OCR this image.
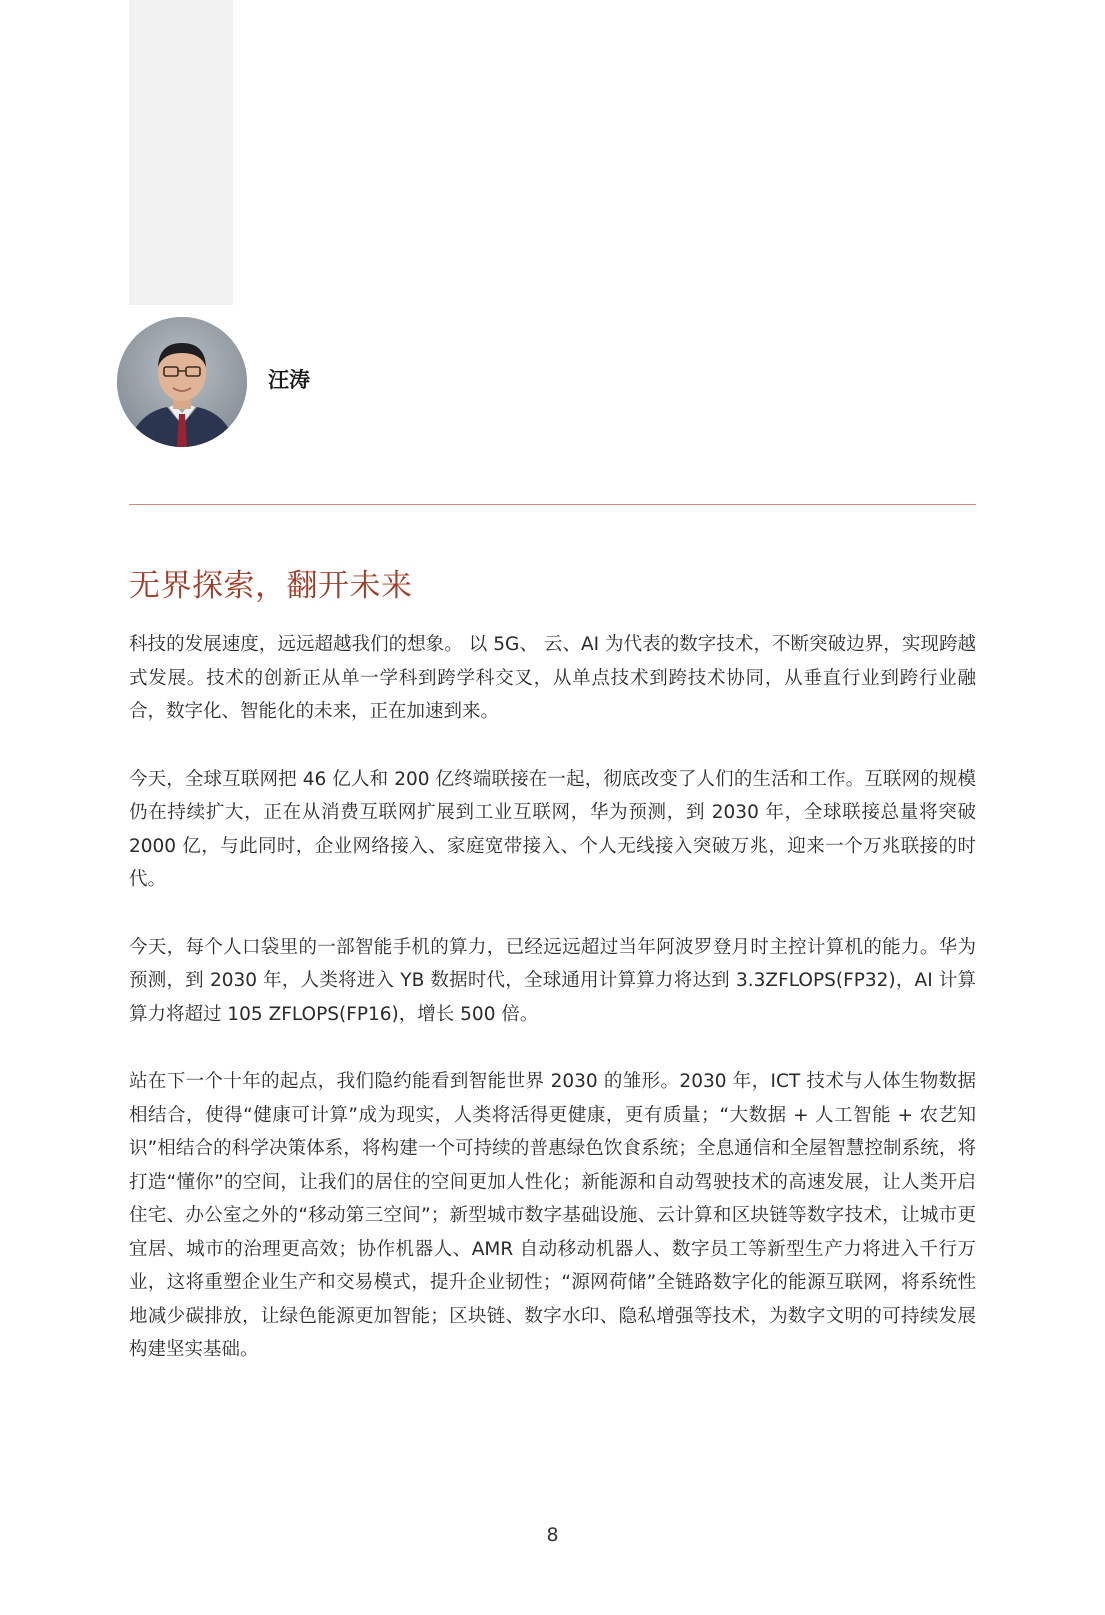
汪涛
无界探索，翻开未来

科技的发展速度，远远超越我们的想象。 以 5G、 云、AI 为代表的数字技术，不断突破边界，实现跨越式发展。技术的创新正从单一学科到跨学科交叉，从单点技术到跨技术协同，从垂直行业到跨行业融合，数字化、智能化的未来，正在加速到来。

今天，全球互联网把 46 亿人和 200 亿终端联接在一起，彻底改变了人们的生活和工作。互联网的规模仍在持续扩大，正在从消费互联网扩展到工业互联网，华为预测，到 2030 年，全球联接总量将突破 2000 亿，与此同时，企业网络接入、家庭宽带接入、个人无线接入突破万兆，迎来一个万兆联接的时代。

今天，每个人口袋里的一部智能手机的算力，已经远远超过当年阿波罗登月时主控计算机的能力。华为预测，到 2030 年，人类将进入 YB 数据时代，全球通用计算算力将达到 3.3ZFLOPS(FP32)，AI 计算算力将超过 105 ZFLOPS(FP16)，增长 500 倍。

站在下一个十年的起点，我们隐约能看到智能世界 2030 的雏形。2030 年，ICT 技术与人体生物数据相结合，使得“健康可计算”成为现实，人类将活得更健康，更有质量；“大数据 + 人工智能 + 农艺知识”相结合的科学决策体系，将构建一个可持续的普惠绿色饮食系统；全息通信和全屋智慧控制系统，将打造“懂你”的空间，让我们的居住的空间更加人性化；新能源和自动驾驶技术的高速发展，让人类开启住宅、办公室之外的“移动第三空间”；新型城市数字基础设施、云计算和区块链等数字技术，让城市更宜居、城市的治理更高效；协作机器人、AMR 自动移动机器人、数字员工等新型生产力将进入千行万业，这将重塑企业生产和交易模式，提升企业韧性；“源网荷储”全链路数字化的能源互联网，将系统性地减少碳排放，让绿色能源更加智能；区块链、数字水印、隐私增强等技术，为数字文明的可持续发展构建坚实基础。

8
